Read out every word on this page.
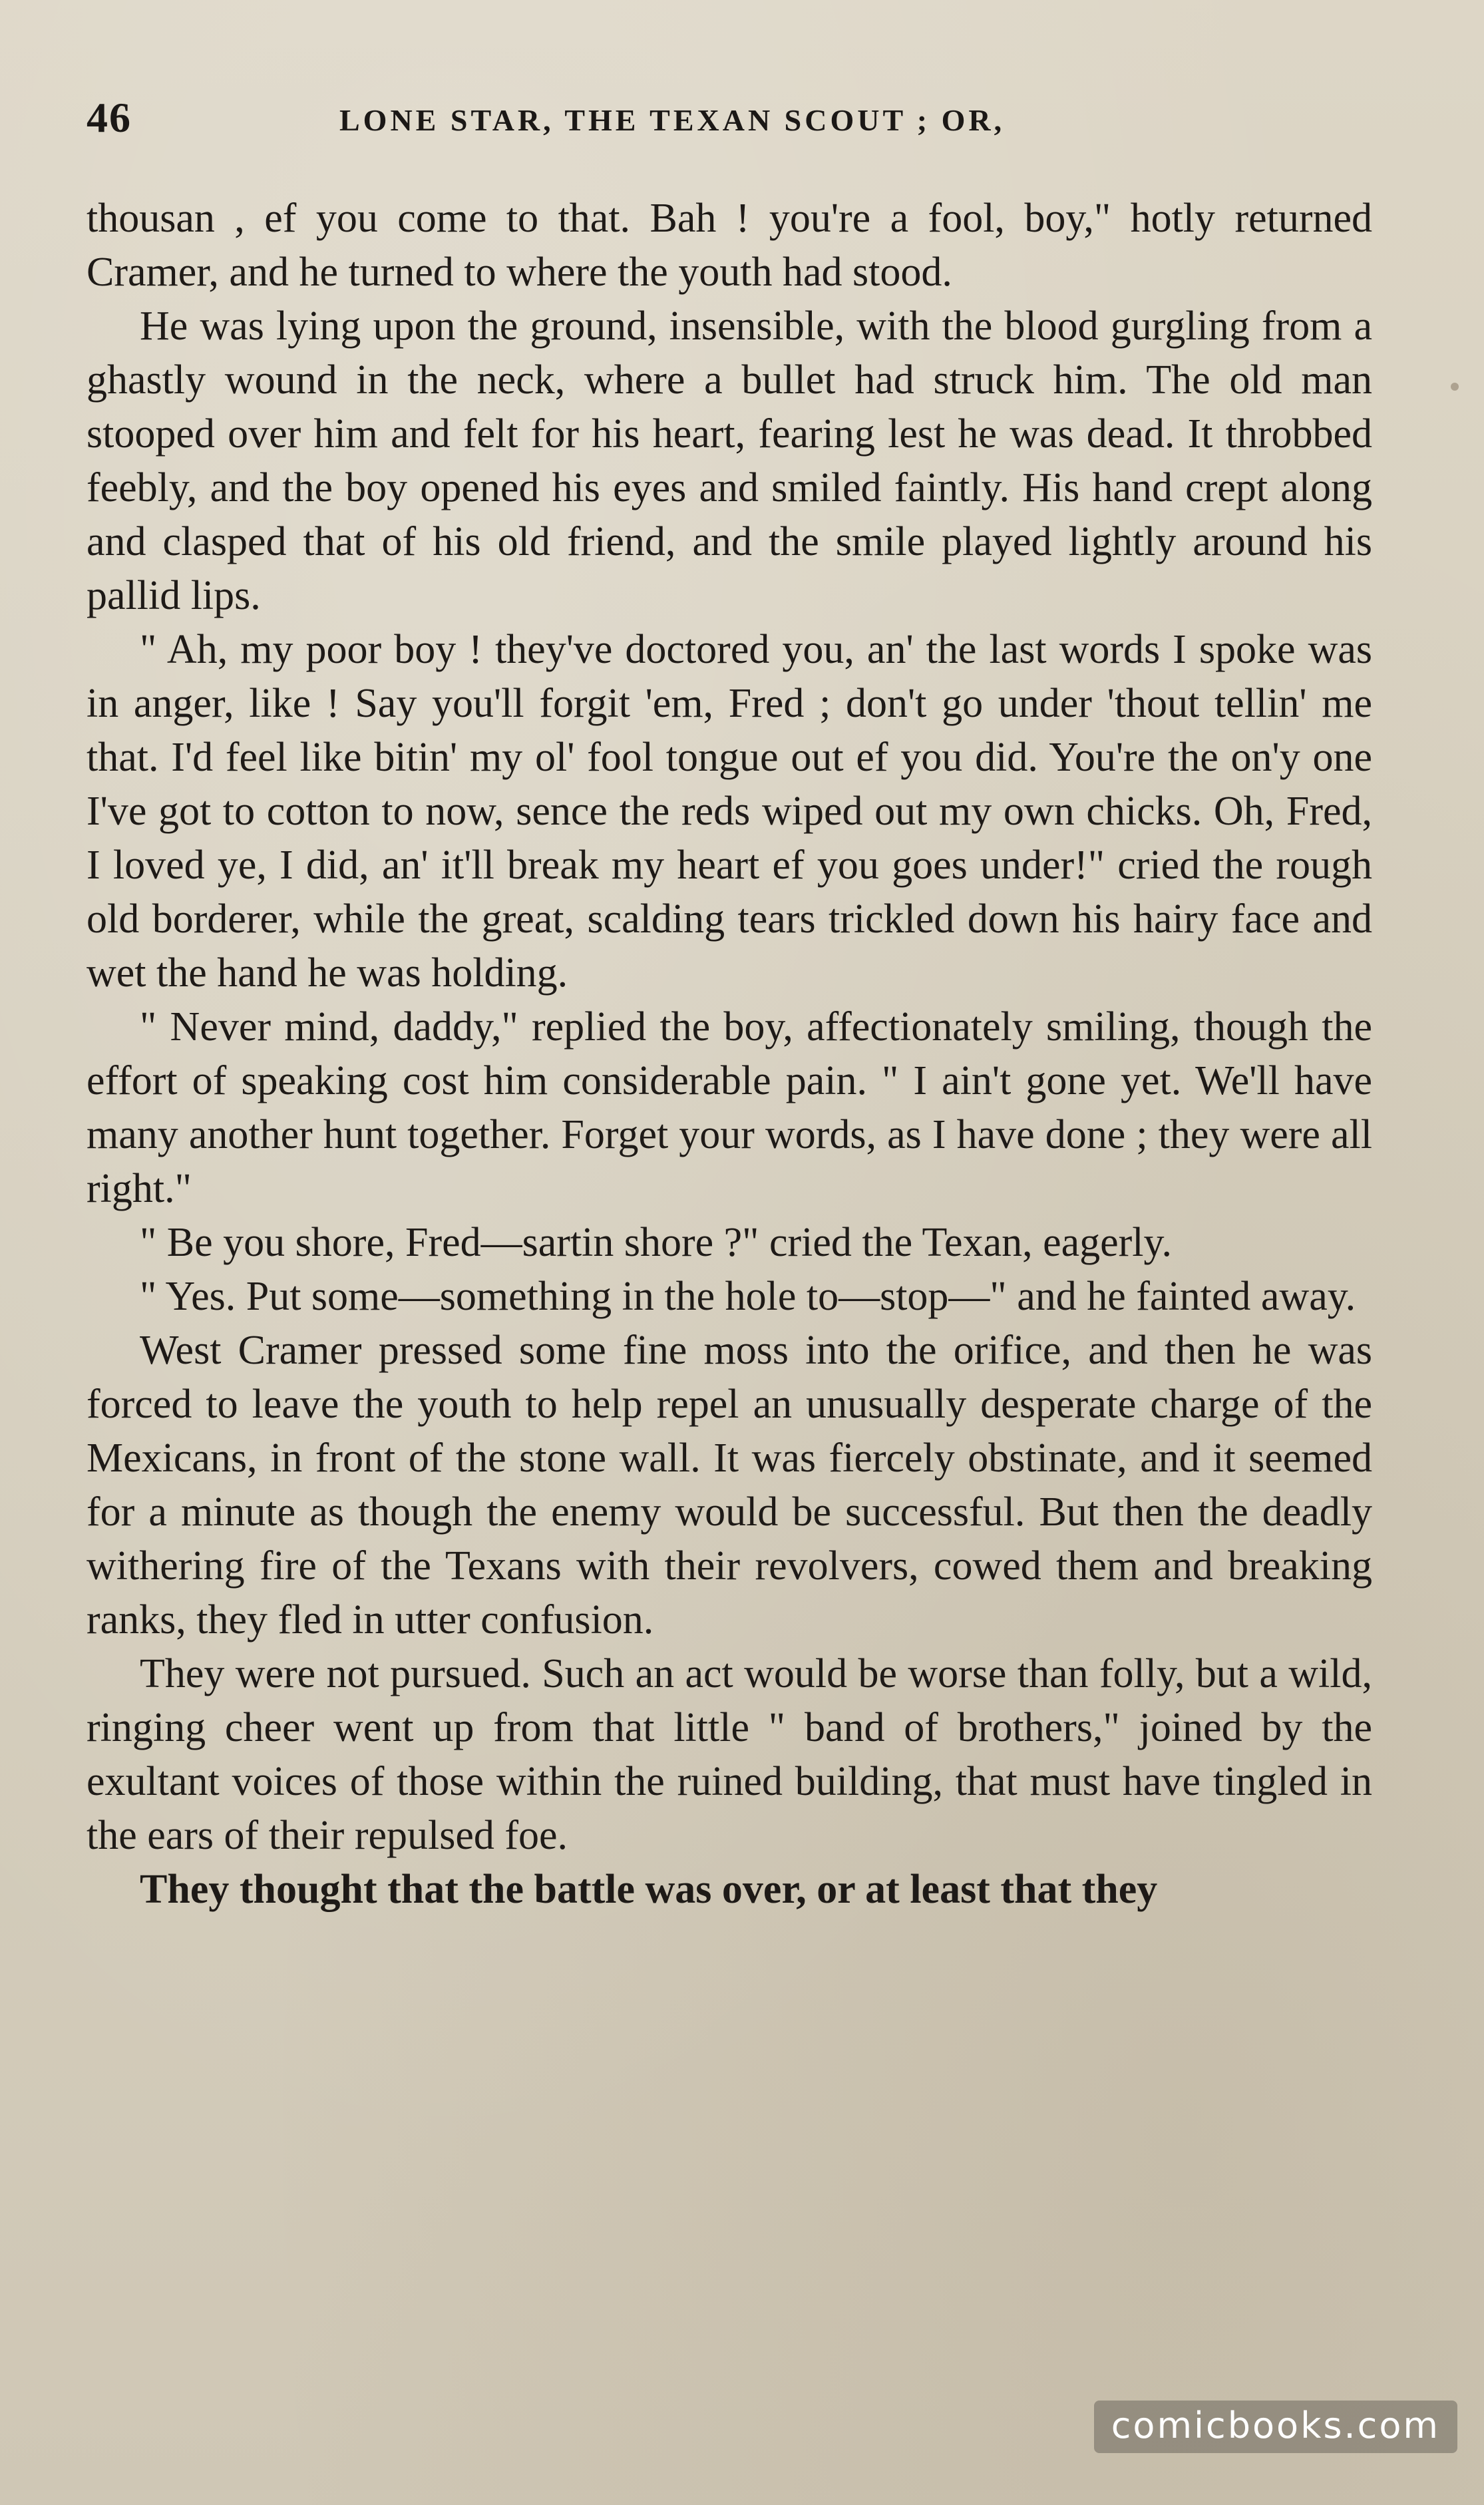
46	LONE STAR, THE TEXAN SCOUT ; OR,

thousan , ef you come to that. Bah ! you're a fool, boy," hotly returned Cramer, and he turned to where the youth had stood.

He was lying upon the ground, insensible, with the blood gurgling from a ghastly wound in the neck, where a bullet had struck him. The old man stooped over him and felt for his heart, fearing lest he was dead. It throbbed feebly, and the boy opened his eyes and smiled faintly. His hand crept along and clasped that of his old friend, and the smile played lightly around his pallid lips.

" Ah, my poor boy ! they've doctored you, an' the last words I spoke was in anger, like ! Say you'll forgit 'em, Fred ; don't go under 'thout tellin' me that. I'd feel like bitin' my ol' fool tongue out ef you did. You're the on'y one I've got to cotton to now, sence the reds wiped out my own chicks. Oh, Fred, I loved ye, I did, an' it'll break my heart ef you goes under!" cried the rough old borderer, while the great, scalding tears trickled down his hairy face and wet the hand he was holding.

" Never mind, daddy," replied the boy, affectionately smiling, though the effort of speaking cost him considerable pain. " I ain't gone yet. We'll have many another hunt together. Forget your words, as I have done ; they were all right."

" Be you shore, Fred—sartin shore ?" cried the Texan, eagerly.

" Yes. Put some—something in the hole to—stop—" and he fainted away.

West Cramer pressed some fine moss into the orifice, and then he was forced to leave the youth to help repel an unusually desperate charge of the Mexicans, in front of the stone wall. It was fiercely obstinate, and it seemed for a minute as though the enemy would be successful. But then the deadly withering fire of the Texans with their revolvers, cowed them and breaking ranks, they fled in utter confusion.

They were not pursued. Such an act would be worse than folly, but a wild, ringing cheer went up from that little " band of brothers," joined by the exultant voices of those within the ruined building, that must have tingled in the ears of their repulsed foe.

They thought that the battle was over, or at least that they

comicbooks.com
